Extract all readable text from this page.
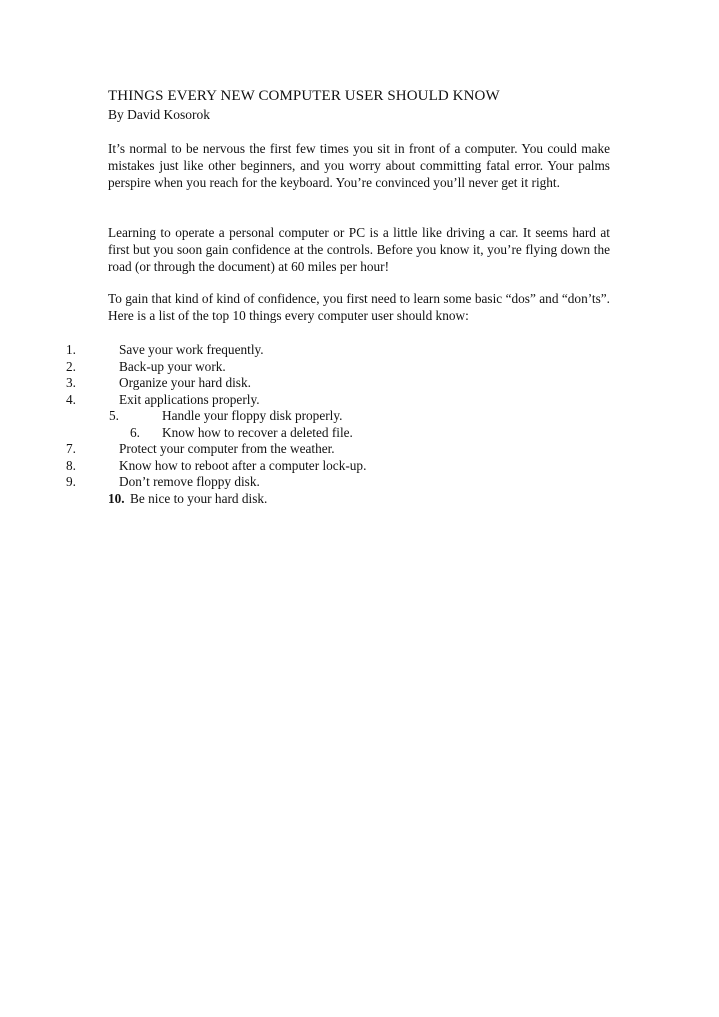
THINGS EVERY NEW COMPUTER USER SHOULD KNOW
By David Kosorok

It’s normal to be nervous the first few times you sit in front of a computer. You could make mistakes just like other beginners, and you worry about committing fatal error. Your palms perspire when you reach for the keyboard. You’re convinced you’ll never get it right.

Learning to operate a personal computer or PC is a little like driving a car. It seems hard at first but you soon gain confidence at the controls. Before you know it, you’re flying down the road (or through the document) at 60 miles per hour!

To gain that kind of kind of confidence, you first need to learn some basic “dos” and “don’ts”. Here is a list of the top 10 things every computer user should know:

1.	Save your work frequently.
2.	Back-up your work.
3.	Organize your hard disk.
4.	Exit applications properly.
5.	Handle your floppy disk properly.
6. Know how to recover a deleted file.
7.	Protect your computer from the weather.
8.	Know how to reboot after a computer lock-up.
9.	Don’t remove floppy disk.
10. Be nice to your hard disk.
